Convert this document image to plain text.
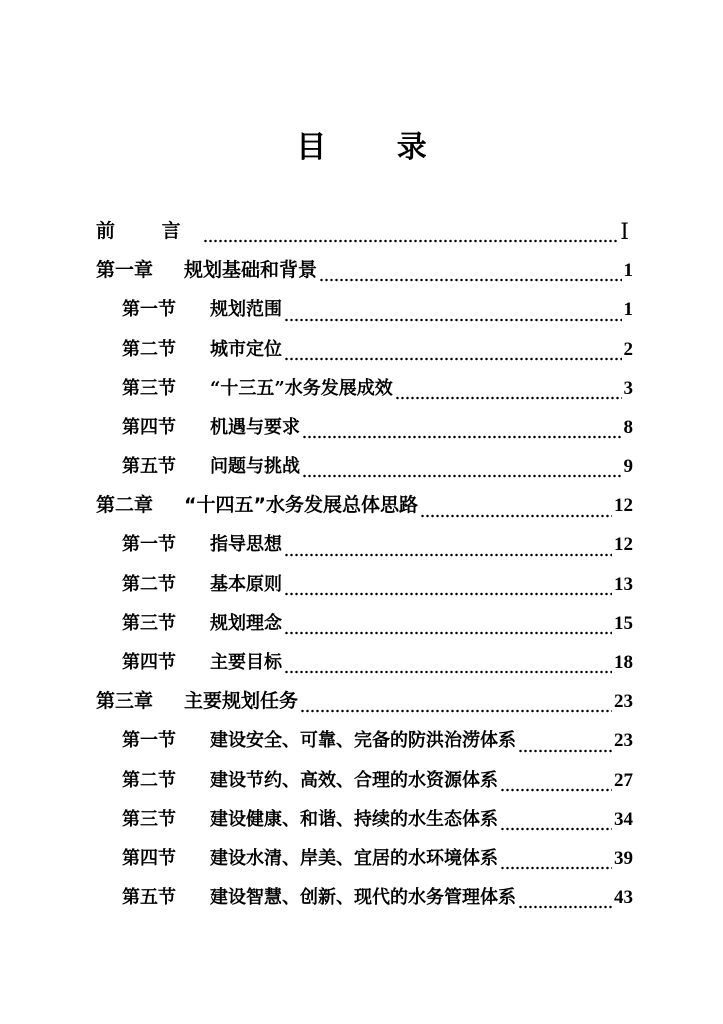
目 录
前 言	Ⅰ
第一章	规划基础和背景	1
第一节	规划范围	1
第二节	城市定位	2
第三节	“十三五”水务发展成效	3
第四节	机遇与要求	8
第五节	问题与挑战	9
第二章	“十四五”水务发展总体思路	12
第一节	指导思想	12
第二节	基本原则	13
第三节	规划理念	15
第四节	主要目标	18
第三章	主要规划任务	23
第一节	建设安全、可靠、完备的防洪治涝体系	23
第二节	建设节约、高效、合理的水资源体系	27
第三节	建设健康、和谐、持续的水生态体系	34
第四节	建设水清、岸美、宜居的水环境体系	39
第五节	建设智慧、创新、现代的水务管理体系	43
